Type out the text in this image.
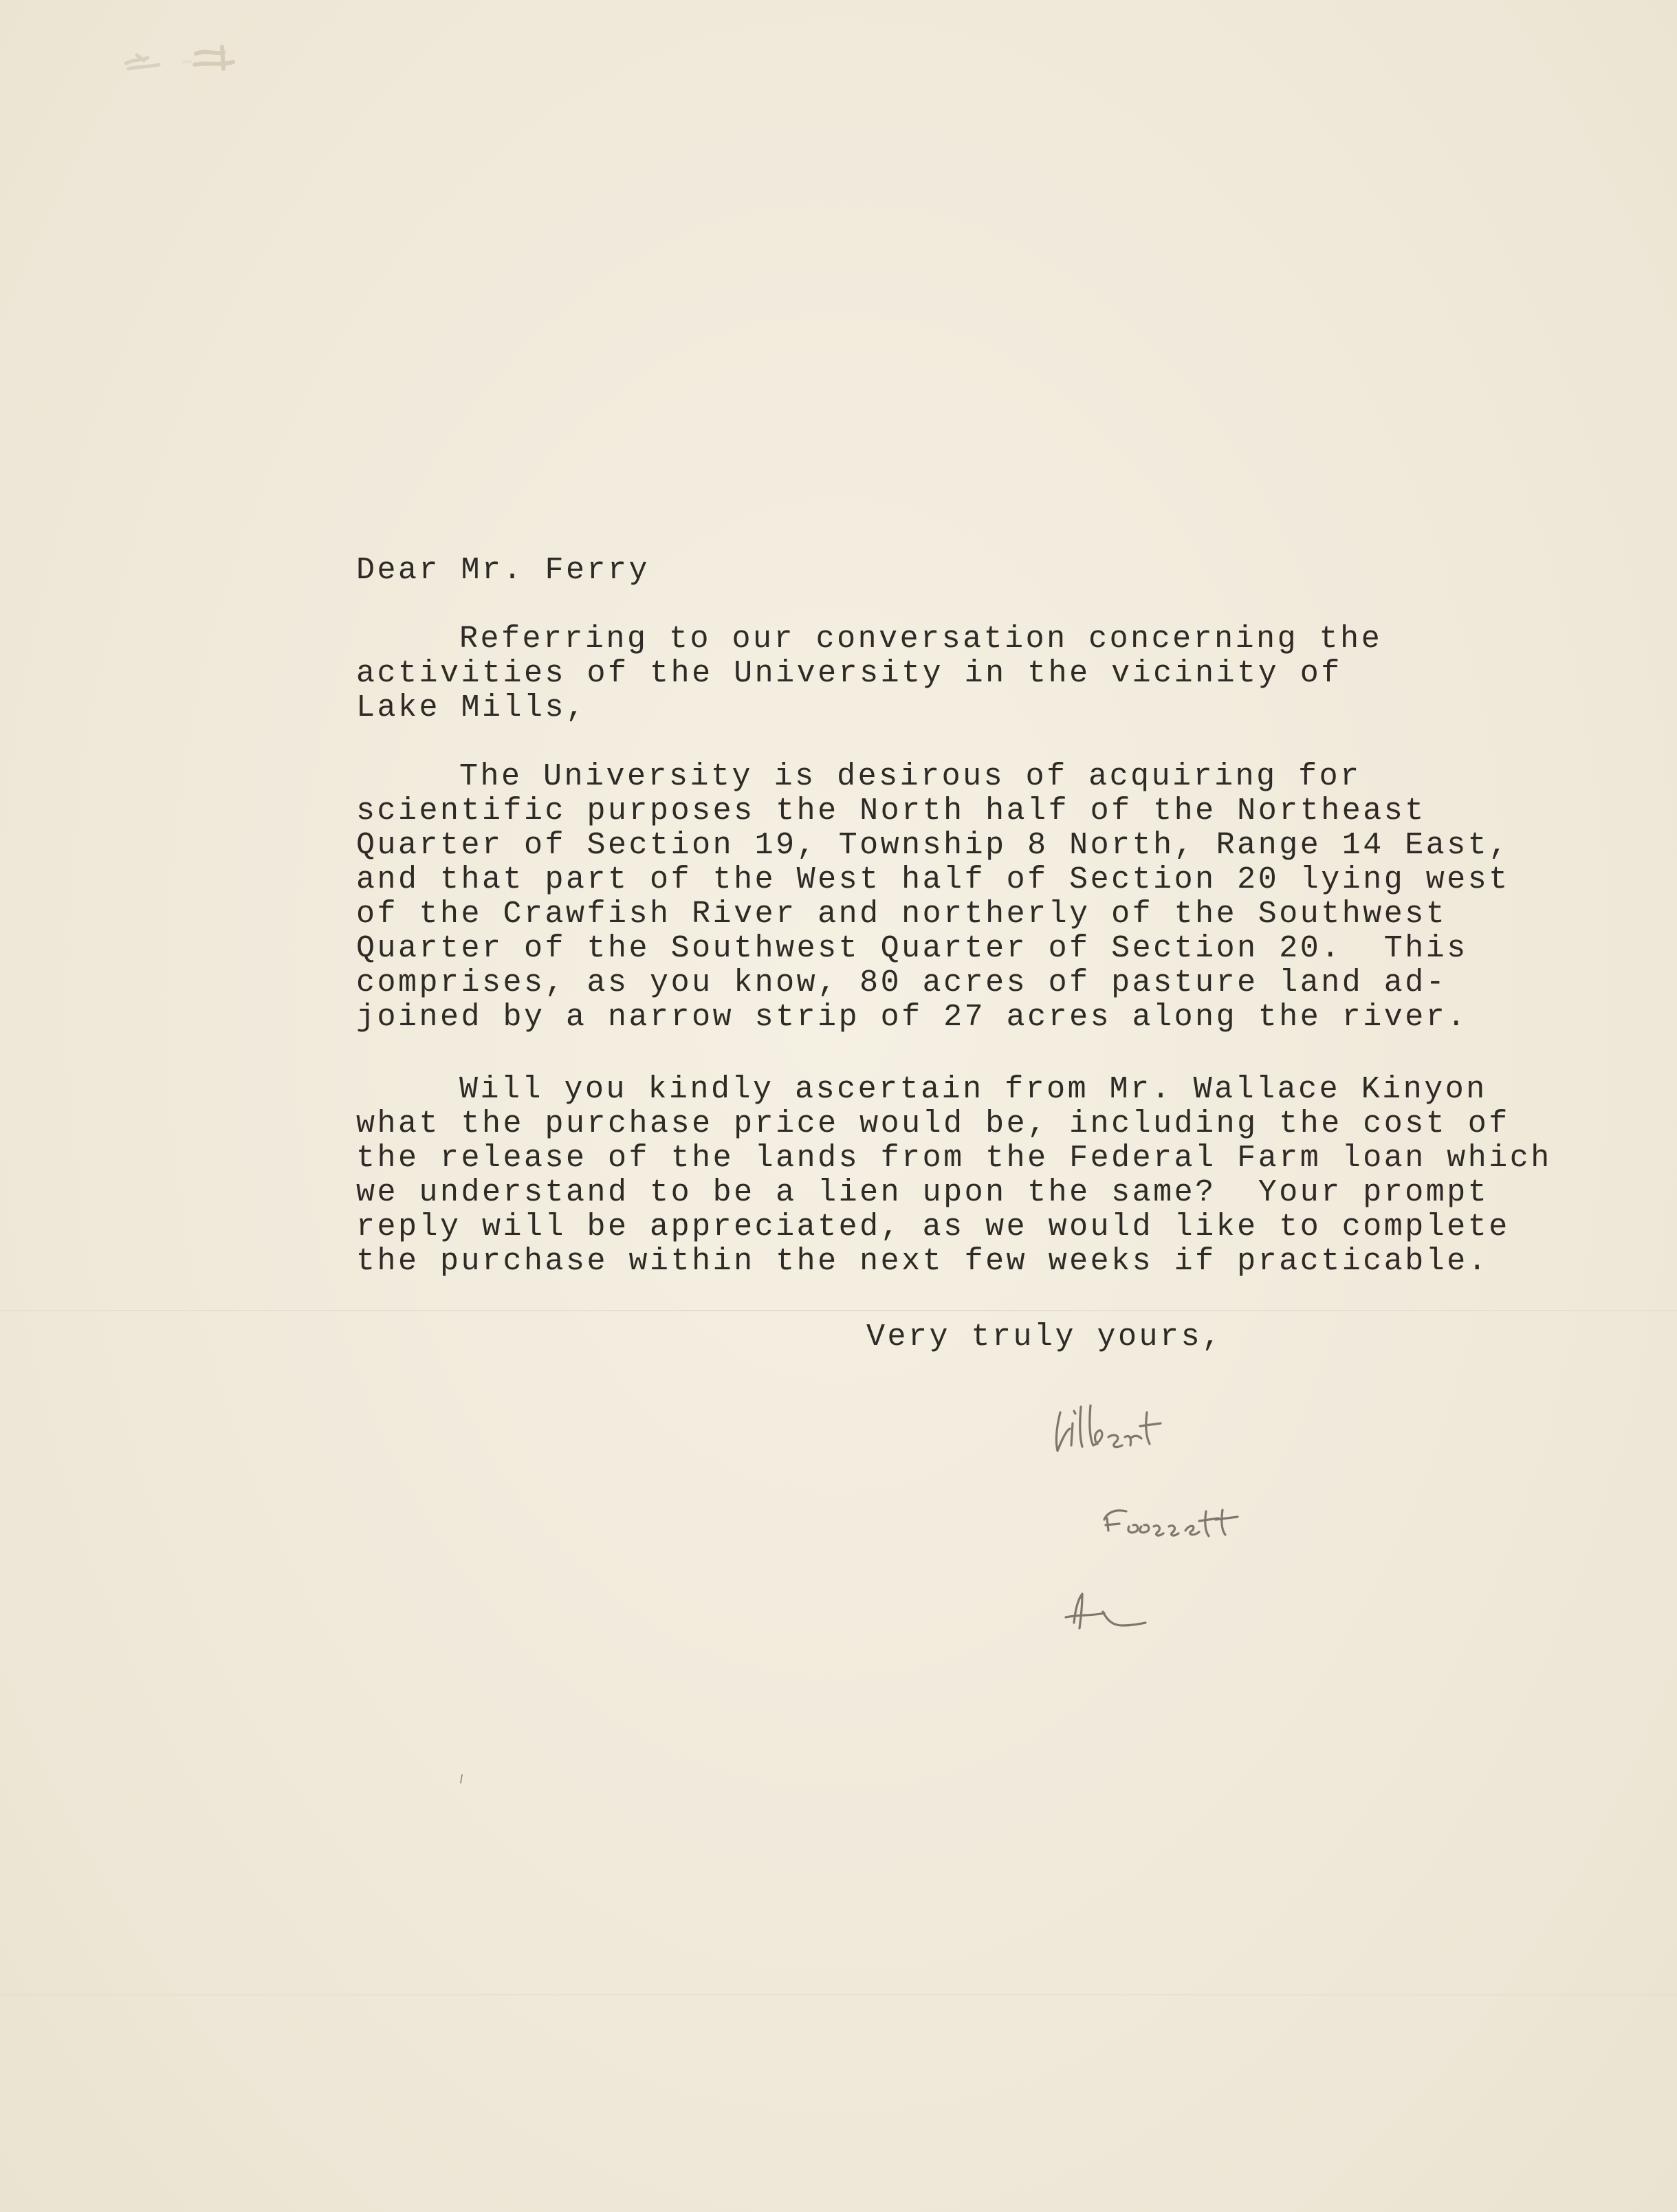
Dear Mr. Ferry
Referring to our conversation concerning the
activities of the University in the vicinity of
Lake Mills,
The University is desirous of acquiring for
scientific purposes the North half of the Northeast
Quarter of Section 19, Township 8 North, Range 14 East,
and that part of the West half of Section 20 lying west
of the Crawfish River and northerly of the Southwest
Quarter of the Southwest Quarter of Section 20.  This
comprises, as you know, 80 acres of pasture land ad-
joined by a narrow strip of 27 acres along the river.
Will you kindly ascertain from Mr. Wallace Kinyon
what the purchase price would be, including the cost of
the release of the lands from the Federal Farm loan which
we understand to be a lien upon the same?  Your prompt
reply will be appreciated, as we would like to complete
the purchase within the next few weeks if practicable.
Very truly yours,
